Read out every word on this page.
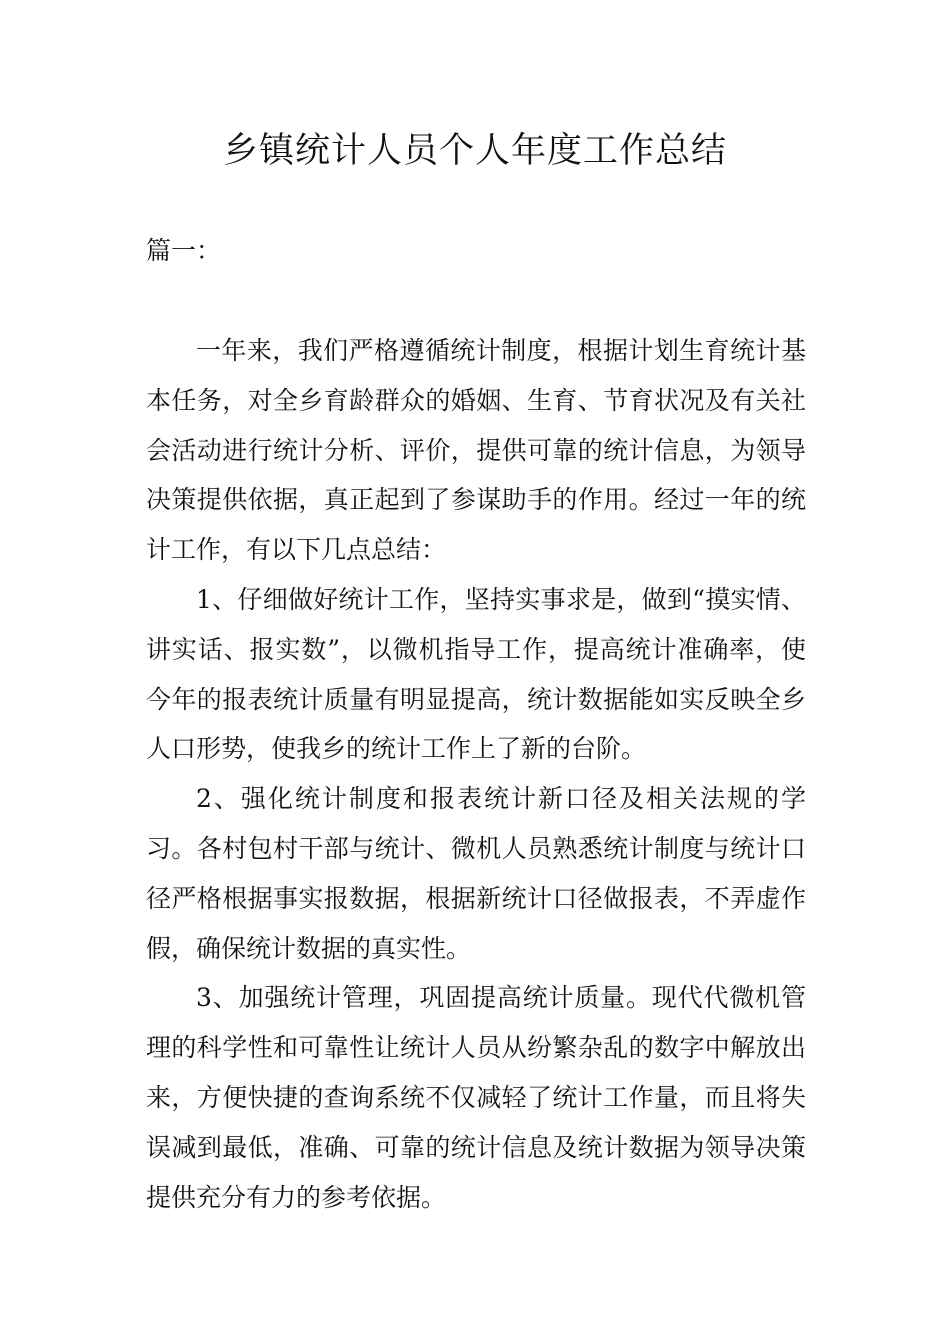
乡镇统计人员个人年度工作总结

篇一：

一年来，我们严格遵循统计制度，根据计划生育统计基本任务，对全乡育龄群众的婚姻、生育、节育状况及有关社会活动进行统计分析、评价，提供可靠的统计信息，为领导决策提供依据，真正起到了参谋助手的作用。经过一年的统计工作，有以下几点总结：

1、仔细做好统计工作，坚持实事求是，做到“摸实情、讲实话、报实数”，以微机指导工作，提高统计准确率，使今年的报表统计质量有明显提高，统计数据能如实反映全乡人口形势，使我乡的统计工作上了新的台阶。

2、强化统计制度和报表统计新口径及相关法规的学习。各村包村干部与统计、微机人员熟悉统计制度与统计口径严格根据事实报数据，根据新统计口径做报表，不弄虚作假，确保统计数据的真实性。

3、加强统计管理，巩固提高统计质量。现代代微机管理的科学性和可靠性让统计人员从纷繁杂乱的数字中解放出来，方便快捷的查询系统不仅减轻了统计工作量，而且将失误减到最低，准确、可靠的统计信息及统计数据为领导决策提供充分有力的参考依据。
